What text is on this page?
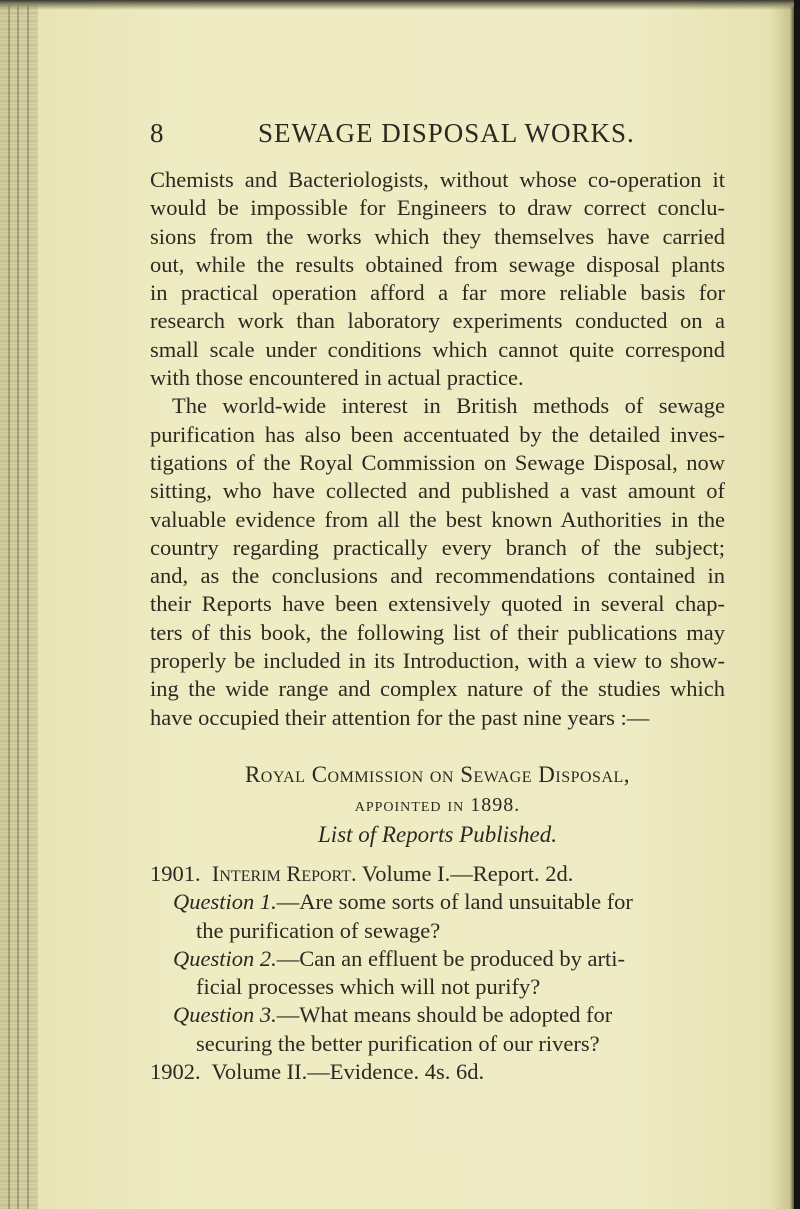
8	SEWAGE DISPOSAL WORKS.
Chemists and Bacteriologists, without whose co-operation it
would be impossible for Engineers to draw correct conclu-
sions from the works which they themselves have carried
out, while the results obtained from sewage disposal plants
in practical operation afford a far more reliable basis for
research work than laboratory experiments conducted on a
small scale under conditions which cannot quite correspond
with those encountered in actual practice.
The world-wide interest in British methods of sewage
purification has also been accentuated by the detailed inves-
tigations of the Royal Commission on Sewage Disposal, now
sitting, who have collected and published a vast amount of
valuable evidence from all the best known Authorities in the
country regarding practically every branch of the subject;
and, as the conclusions and recommendations contained in
their Reports have been extensively quoted in several chap-
ters of this book, the following list of their publications may
properly be included in its Introduction, with a view to show-
ing the wide range and complex nature of the studies which
have occupied their attention for the past nine years :—
Royal Commission on Sewage Disposal,
appointed in 1898.
List of Reports Published.
1901. Interim Report. Volume I.—Report. 2d.
Question 1.—Are some sorts of land unsuitable for
the purification of sewage?
Question 2.—Can an effluent be produced by arti-
ficial processes which will not purify?
Question 3.—What means should be adopted for
securing the better purification of our rivers?
1902.  Volume II.—Evidence. 4s. 6d.
